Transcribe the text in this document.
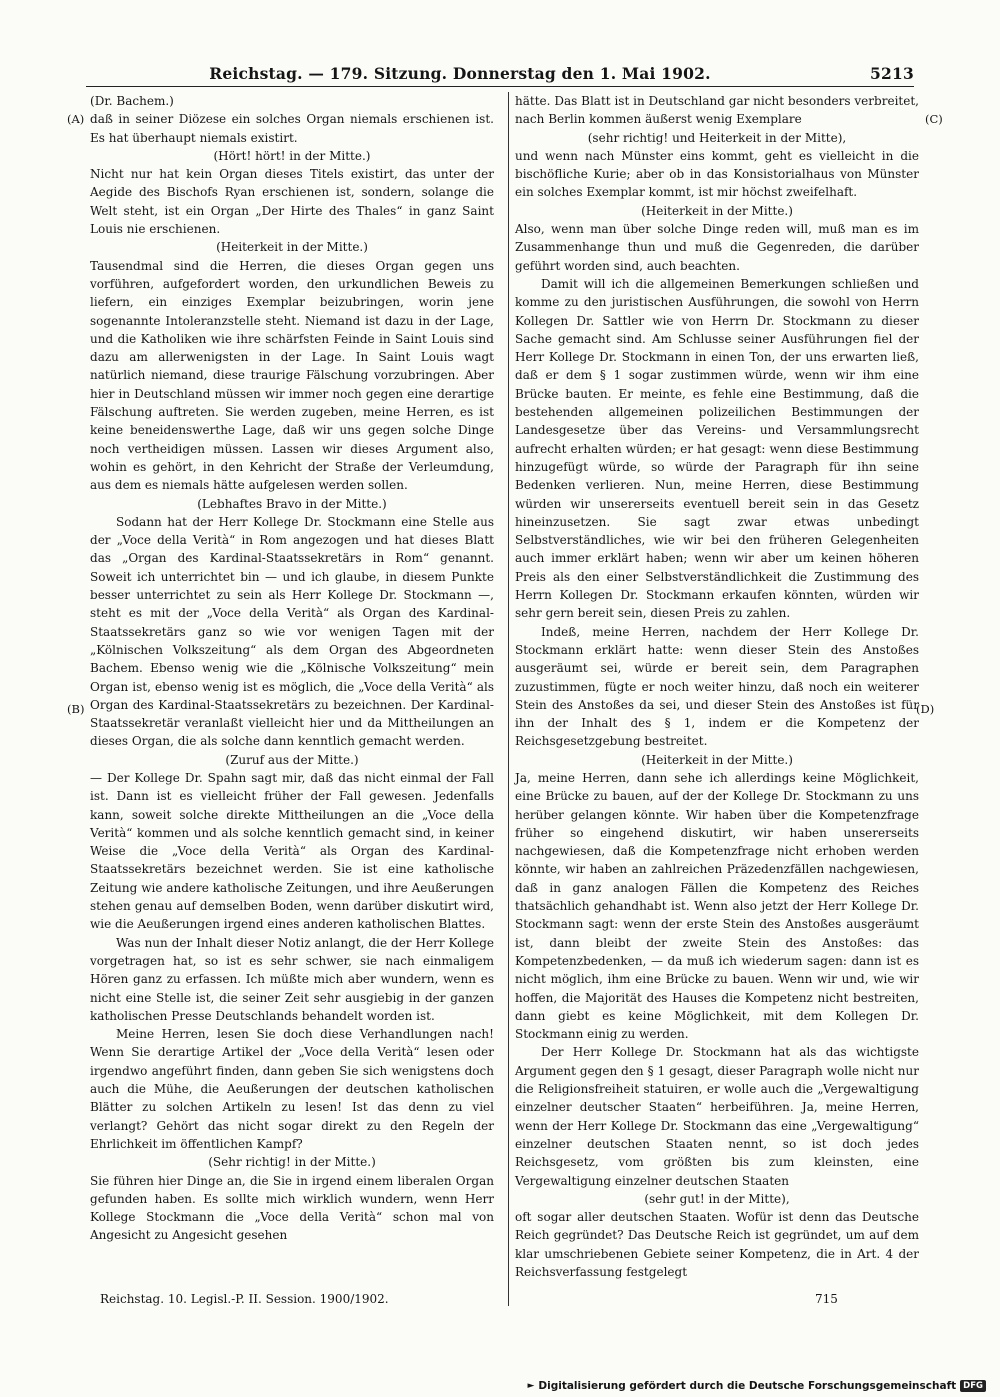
Reichstag. — 179. Sitzung. Donnerstag den 1. Mai 1902.	5213

(Dr. Bachem.)

daß in seiner Diözese ein solches Organ niemals erschienen ist. Es hat überhaupt niemals existirt.

(Hört! hört! in der Mitte.)

Nicht nur hat kein Organ dieses Titels existirt, das unter der Aegide des Bischofs Ryan erschienen ist, sondern, solange die Welt steht, ist ein Organ „Der Hirte des Thales“ in ganz Saint Louis nie erschienen.

(Heiterkeit in der Mitte.)

Tausendmal sind die Herren, die dieses Organ gegen uns vorführen, aufgefordert worden, den urkundlichen Beweis zu liefern, ein einziges Exemplar beizubringen, worin jene sogenannte Intoleranzstelle steht. Niemand ist dazu in der Lage, und die Katholiken wie ihre schärfsten Feinde in Saint Louis sind dazu am allerwenigsten in der Lage. In Saint Louis wagt natürlich niemand, diese traurige Fälschung vorzubringen. Aber hier in Deutschland müssen wir immer noch gegen eine derartige Fälschung auftreten. Sie werden zugeben, meine Herren, es ist keine beneidenswerthe Lage, daß wir uns gegen solche Dinge noch vertheidigen müssen. Lassen wir dieses Argument also, wohin es gehört, in den Kehricht der Straße der Verleumdung, aus dem es niemals hätte aufgelesen werden sollen.

(Lebhaftes Bravo in der Mitte.)

Sodann hat der Herr Kollege Dr. Stockmann eine Stelle aus der „Voce della Verità“ in Rom angezogen und hat dieses Blatt das „Organ des Kardinal-Staatssekretärs in Rom“ genannt. Soweit ich unterrichtet bin — und ich glaube, in diesem Punkte besser unterrichtet zu sein als Herr Kollege Dr. Stockmann —, steht es mit der „Voce della Verità“ als Organ des Kardinal-Staatssekretärs ganz so wie vor wenigen Tagen mit der „Kölnischen Volkszeitung“ als dem Organ des Abgeordneten Bachem. Ebenso wenig wie die „Kölnische Volkszeitung“ mein Organ ist, ebenso wenig ist es möglich, die „Voce della Verità“ als Organ des Kardinal-Staatssekretärs zu bezeichnen. Der Kardinal-Staatssekretär veranlaßt vielleicht hier und da Mittheilungen an dieses Organ, die als solche dann kenntlich gemacht werden.

(Zuruf aus der Mitte.)

— Der Kollege Dr. Spahn sagt mir, daß das nicht einmal der Fall ist. Dann ist es vielleicht früher der Fall gewesen. Jedenfalls kann, soweit solche direkte Mittheilungen an die „Voce della Verità“ kommen und als solche kenntlich gemacht sind, in keiner Weise die „Voce della Verità“ als Organ des Kardinal-Staatssekretärs bezeichnet werden. Sie ist eine katholische Zeitung wie andere katholische Zeitungen, und ihre Aeußerungen stehen genau auf demselben Boden, wenn darüber diskutirt wird, wie die Aeußerungen irgend eines anderen katholischen Blattes.

Was nun der Inhalt dieser Notiz anlangt, die der Herr Kollege vorgetragen hat, so ist es sehr schwer, sie nach einmaligem Hören ganz zu erfassen. Ich müßte mich aber wundern, wenn es nicht eine Stelle ist, die seiner Zeit sehr ausgiebig in der ganzen katholischen Presse Deutschlands behandelt worden ist.

Meine Herren, lesen Sie doch diese Verhandlungen nach! Wenn Sie derartige Artikel der „Voce della Verità“ lesen oder irgendwo angeführt finden, dann geben Sie sich wenigstens doch auch die Mühe, die Aeußerungen der deutschen katholischen Blätter zu solchen Artikeln zu lesen! Ist das denn zu viel verlangt? Gehört das nicht sogar direkt zu den Regeln der Ehrlichkeit im öffentlichen Kampf?

(Sehr richtig! in der Mitte.)

Sie führen hier Dinge an, die Sie in irgend einem liberalen Organ gefunden haben. Es sollte mich wirklich wundern, wenn Herr Kollege Stockmann die „Voce della Verità“ schon mal von Angesicht zu Angesicht gesehen

hätte. Das Blatt ist in Deutschland gar nicht besonders verbreitet, nach Berlin kommen äußerst wenig Exemplare

(sehr richtig! und Heiterkeit in der Mitte),

und wenn nach Münster eins kommt, geht es vielleicht in die bischöfliche Kurie; aber ob in das Konsistorialhaus von Münster ein solches Exemplar kommt, ist mir höchst zweifelhaft.

(Heiterkeit in der Mitte.)

Also, wenn man über solche Dinge reden will, muß man es im Zusammenhange thun und muß die Gegenreden, die darüber geführt worden sind, auch beachten.

Damit will ich die allgemeinen Bemerkungen schließen und komme zu den juristischen Ausführungen, die sowohl von Herrn Kollegen Dr. Sattler wie von Herrn Dr. Stockmann zu dieser Sache gemacht sind. Am Schlusse seiner Ausführungen fiel der Herr Kollege Dr. Stockmann in einen Ton, der uns erwarten ließ, daß er dem § 1 sogar zustimmen würde, wenn wir ihm eine Brücke bauten. Er meinte, es fehle eine Bestimmung, daß die bestehenden allgemeinen polizeilichen Bestimmungen der Landesgesetze über das Vereins- und Versammlungsrecht aufrecht erhalten würden; er hat gesagt: wenn diese Bestimmung hinzugefügt würde, so würde der Paragraph für ihn seine Bedenken verlieren. Nun, meine Herren, diese Bestimmung würden wir unsererseits eventuell bereit sein in das Gesetz hineinzusetzen. Sie sagt zwar etwas unbedingt Selbstverständliches, wie wir bei den früheren Gelegenheiten auch immer erklärt haben; wenn wir aber um keinen höheren Preis als den einer Selbstverständlichkeit die Zustimmung des Herrn Kollegen Dr. Stockmann erkaufen könnten, würden wir sehr gern bereit sein, diesen Preis zu zahlen.

Indeß, meine Herren, nachdem der Herr Kollege Dr. Stockmann erklärt hatte: wenn dieser Stein des Anstoßes ausgeräumt sei, würde er bereit sein, dem Paragraphen zuzustimmen, fügte er noch weiter hinzu, daß noch ein weiterer Stein des Anstoßes da sei, und dieser Stein des Anstoßes ist für ihn der Inhalt des § 1, indem er die Kompetenz der Reichsgesetzgebung bestreitet.

(Heiterkeit in der Mitte.)

Ja, meine Herren, dann sehe ich allerdings keine Möglichkeit, eine Brücke zu bauen, auf der der Kollege Dr. Stockmann zu uns herüber gelangen könnte. Wir haben über die Kompetenzfrage früher so eingehend diskutirt, wir haben unsererseits nachgewiesen, daß die Kompetenzfrage nicht erhoben werden könnte, wir haben an zahlreichen Präzedenzfällen nachgewiesen, daß in ganz analogen Fällen die Kompetenz des Reiches thatsächlich gehandhabt ist. Wenn also jetzt der Herr Kollege Dr. Stockmann sagt: wenn der erste Stein des Anstoßes ausgeräumt ist, dann bleibt der zweite Stein des Anstoßes: das Kompetenzbedenken, — da muß ich wiederum sagen: dann ist es nicht möglich, ihm eine Brücke zu bauen. Wenn wir und, wie wir hoffen, die Majorität des Hauses die Kompetenz nicht bestreiten, dann giebt es keine Möglichkeit, mit dem Kollegen Dr. Stockmann einig zu werden.

Der Herr Kollege Dr. Stockmann hat als das wichtigste Argument gegen den § 1 gesagt, dieser Paragraph wolle nicht nur die Religionsfreiheit statuiren, er wolle auch die „Vergewaltigung einzelner deutscher Staaten“ herbeiführen. Ja, meine Herren, wenn der Herr Kollege Dr. Stockmann das eine „Vergewaltigung“ einzelner deutschen Staaten nennt, so ist doch jedes Reichsgesetz, vom größten bis zum kleinsten, eine Vergewaltigung einzelner deutschen Staaten

(sehr gut! in der Mitte),

oft sogar aller deutschen Staaten. Wofür ist denn das Deutsche Reich gegründet? Das Deutsche Reich ist gegründet, um auf dem klar umschriebenen Gebiete seiner Kompetenz, die in Art. 4 der Reichsverfassung festgelegt

(A)
(B)
(C)
(D)
Reichstag. 10. Legisl.-P. II. Session. 1900/1902.	715
► Digitalisierung gefördert durch die Deutsche Forschungsgemeinschaft DFG
